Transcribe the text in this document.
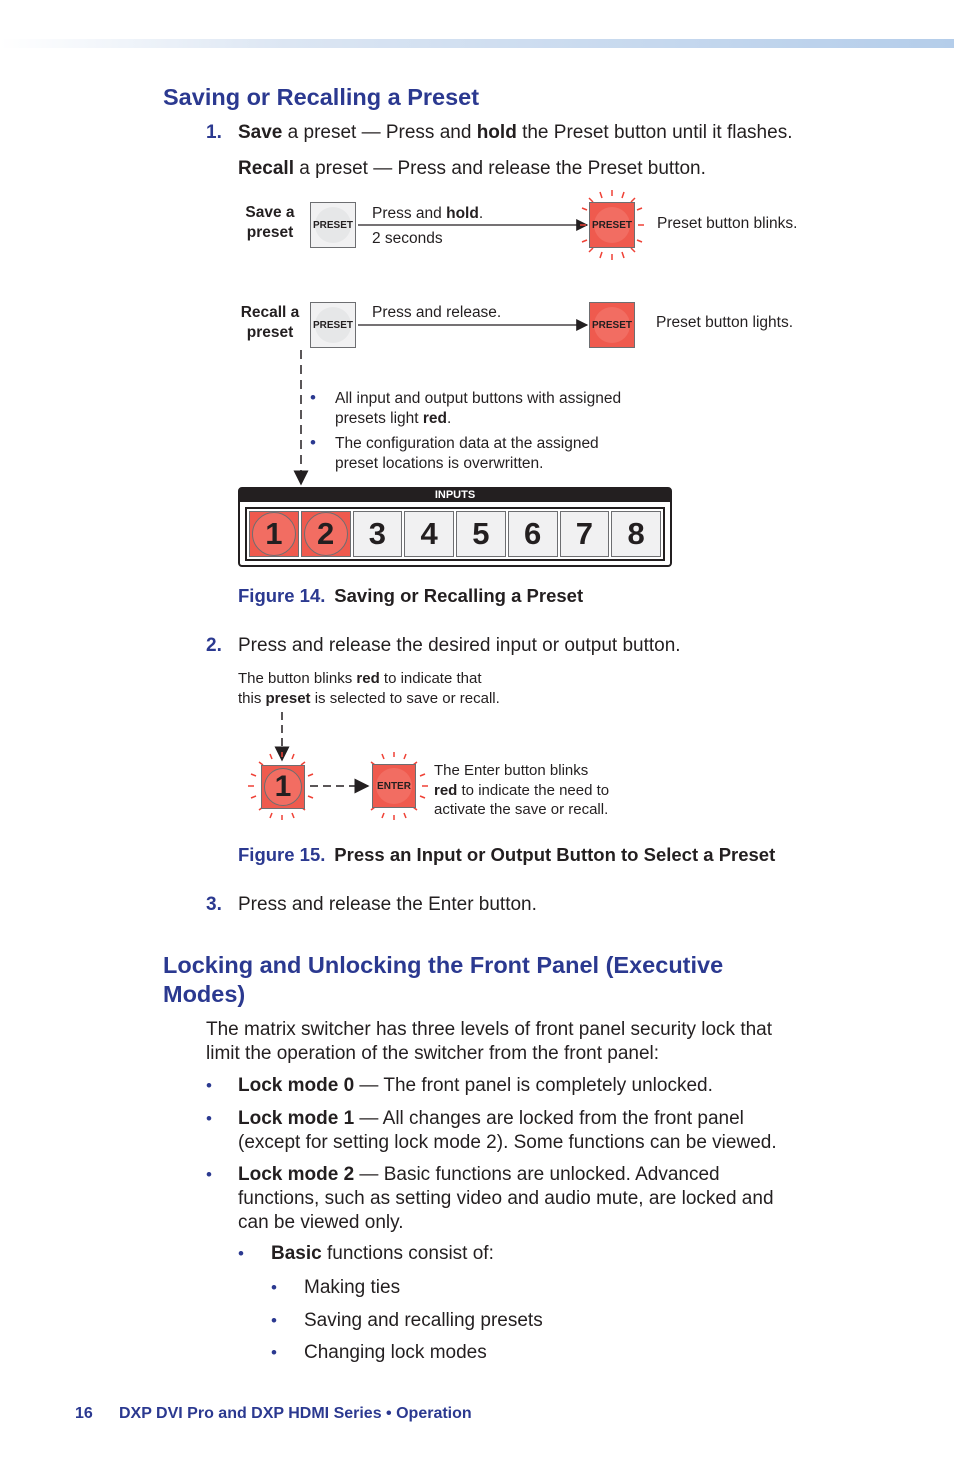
Saving or Recalling a Preset
1. Save a preset — Press and hold the Preset button until it flashes.
Recall a preset — Press and release the Preset button.
Save a preset	PRESET
Press and hold.
2 seconds
PRESET Preset button blinks.
Recall a preset	PRESET
Press and release.
PRESET Preset button lights.
• All input and output buttons with assigned presets light red.
• The configuration data at the assigned preset locations is overwritten.
INPUTS
1	2	3	4	5	6	7	8
Figure 14. Saving or Recalling a Preset
2. Press and release the desired input or output button.
The button blinks red to indicate that
this preset is selected to save or recall.
1	ENTER
The Enter button blinks
red to indicate the need to
activate the save or recall.
Figure 15. Press an Input or Output Button to Select a Preset
3. Press and release the Enter button.
Locking and Unlocking the Front Panel (Executive
Modes)
The matrix switcher has three levels of front panel security lock that
limit the operation of the switcher from the front panel:
• Lock mode 0 — The front panel is completely unlocked.
• Lock mode 1 — All changes are locked from the front panel
(except for setting lock mode 2). Some functions can be viewed.
• Lock mode 2 — Basic functions are unlocked. Advanced
functions, such as setting video and audio mute, are locked and
can be viewed only.
• Basic functions consist of:
• Making ties
• Saving and recalling presets
• Changing lock modes
16 DXP DVI Pro and DXP HDMI Series • Operation
